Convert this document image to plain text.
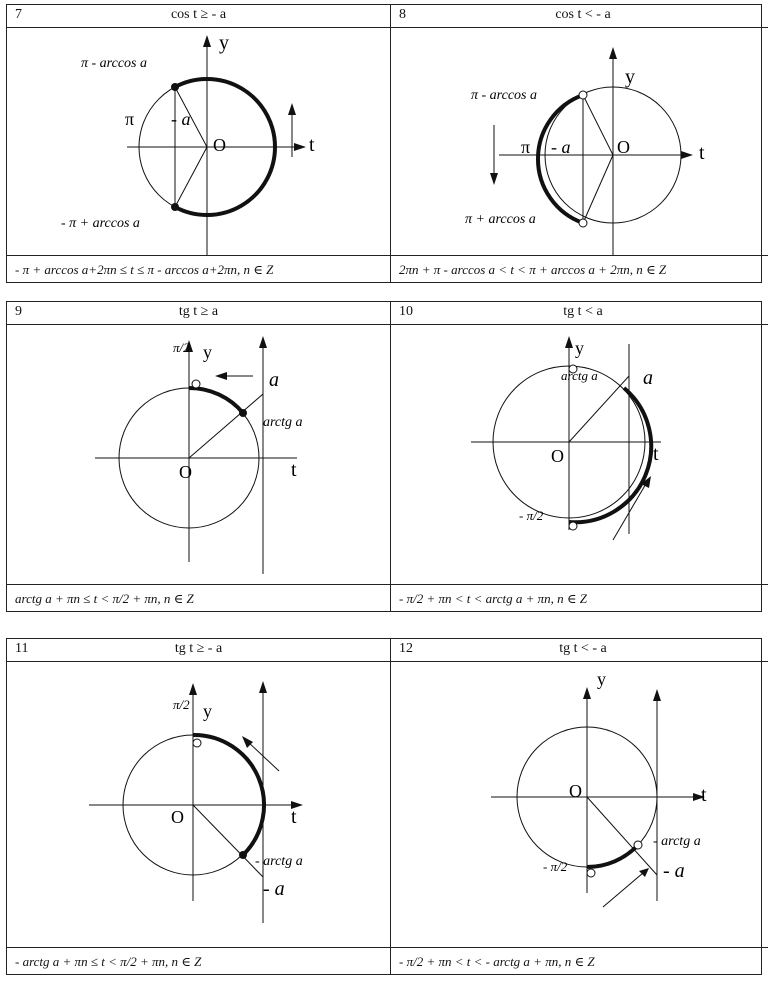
7	cos t ≥ - a
π - arccos a
- π + arccos a
π - a
O	t
y
- π + arccos a+2πn ≤ t ≤ π - arccos a+2πn, n ∈ Z
8	cos t < - a
π - arccos a
π + arccos a
π - a	O	t
y
2πn + π - arccos a < t < π + arccos a + 2πn, n ∈ Z
9	tg t ≥ a
π/2 y
a
arctg a
O	t
arctg a + πn ≤ t < π/2 + πn, n ∈ Z
10	tg t < a
arctg a
y
a
O	t
- π/2
- π/2 + πn < t < arctg a + πn, n ∈ Z
11	tg t ≥ - a
π/2 y
O	t
- arctg a
- a
- arctg a + πn ≤ t < π/2 + πn, n ∈ Z
12	tg t < - a
y
O	t
- arctg a
- a
- π/2
- π/2 + πn < t < - arctg a + πn, n ∈ Z
